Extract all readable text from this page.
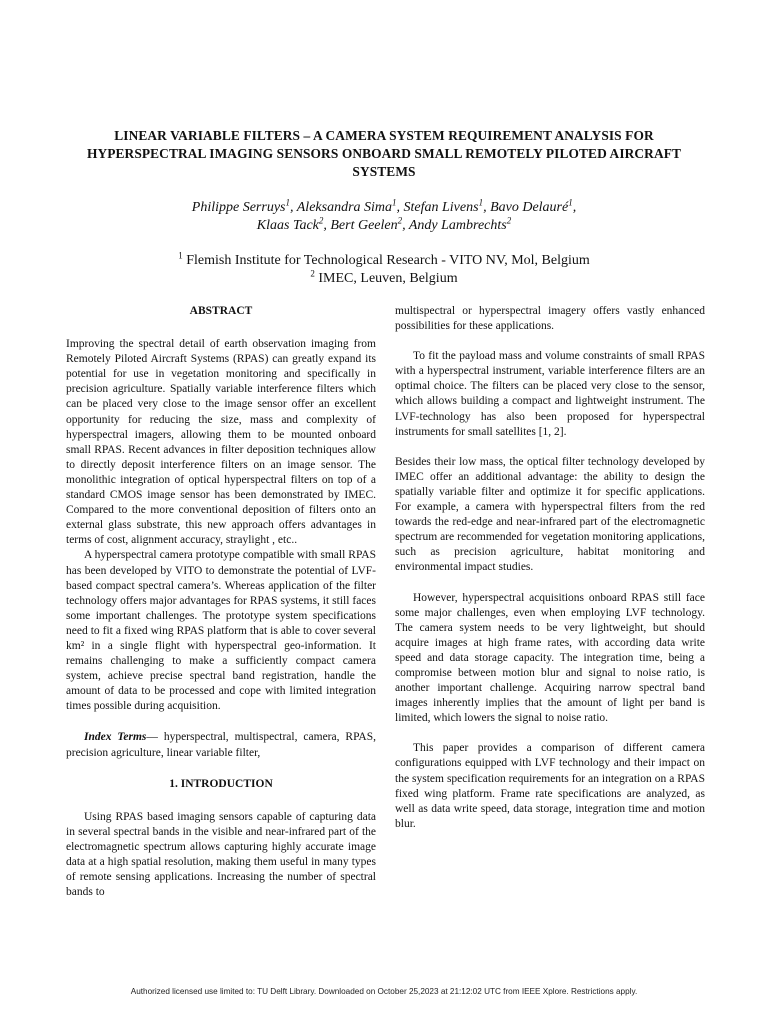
LINEAR VARIABLE FILTERS – A CAMERA SYSTEM REQUIREMENT ANALYSIS FOR HYPERSPECTRAL IMAGING SENSORS ONBOARD SMALL REMOTELY PILOTED AIRCRAFT SYSTEMS
Philippe Serruys$^1$, Aleksandra Sima$^1$, Stefan Livens$^1$, Bavo Delauré$^1$,
Klaas Tack$^2$, Bert Geelen$^2$, Andy Lambrechts$^2$
$^1$ Flemish Institute for Technological Research - VITO NV, Mol, Belgium
$^2$ IMEC, Leuven, Belgium

ABSTRACT

Improving the spectral detail of earth observation imaging from Remotely Piloted Aircraft Systems (RPAS) can greatly expand its potential for use in vegetation monitoring and specifically in precision agriculture. Spatially variable interference filters which can be placed very close to the image sensor offer an excellent opportunity for reducing the size, mass and complexity of hyperspectral imagers, allowing them to be mounted onboard small RPAS. Recent advances in filter deposition techniques allow to directly deposit interference filters on an image sensor. The monolithic integration of optical hyperspectral filters on top of a standard CMOS image sensor has been demonstrated by IMEC. Compared to the more conventional deposition of filters onto an external glass substrate, this new approach offers advantages in terms of cost, alignment accuracy, straylight , etc..

A hyperspectral camera prototype compatible with small RPAS has been developed by VITO to demonstrate the potential of LVF-based compact spectral camera’s. Whereas application of the filter technology offers major advantages for RPAS systems, it still faces some important challenges. The prototype system specifications need to fit a fixed wing RPAS platform that is able to cover several km² in a single flight with hyperspectral geo-information. It remains challenging to make a sufficiently compact camera system, achieve precise spectral band registration, handle the amount of data to be processed and cope with limited integration times possible during acquisition.

Index Terms— hyperspectral, multispectral, camera, RPAS, precision agriculture, linear variable filter,

1. INTRODUCTION

Using RPAS based imaging sensors capable of capturing data in several spectral bands in the visible and near-infrared part of the electromagnetic spectrum allows capturing highly accurate image data at a high spatial resolution, making them useful in many types of remote sensing applications. Increasing the number of spectral bands to

multispectral or hyperspectral imagery offers vastly enhanced possibilities for these applications.

To fit the payload mass and volume constraints of small RPAS with a hyperspectral instrument, variable interference filters are an optimal choice. The filters can be placed very close to the sensor, which allows building a compact and lightweight instrument. The LVF-technology has also been proposed for hyperspectral instruments for small satellites [1, 2].

Besides their low mass, the optical filter technology developed by IMEC offer an additional advantage: the ability to design the spatially variable filter and optimize it for specific applications. For example, a camera with hyperspectral filters from the red towards the red-edge and near-infrared part of the electromagnetic spectrum are recommended for vegetation monitoring applications, such as precision agriculture, habitat monitoring and environmental impact studies.

However, hyperspectral acquisitions onboard RPAS still face some major challenges, even when employing LVF technology. The camera system needs to be very lightweight, but should acquire images at high frame rates, with according data write speed and data storage capacity. The integration time, being a compromise between motion blur and signal to noise ratio, is another important challenge. Acquiring narrow spectral band images inherently implies that the amount of light per band is limited, which lowers the signal to noise ratio.

This paper provides a comparison of different camera configurations equipped with LVF technology and their impact on the system specification requirements for an integration on a RPAS fixed wing platform. Frame rate specifications are analyzed, as well as data write speed, data storage, integration time and motion blur.

Authorized licensed use limited to: TU Delft Library. Downloaded on October 25,2023 at 21:12:02 UTC from IEEE Xplore. Restrictions apply.
